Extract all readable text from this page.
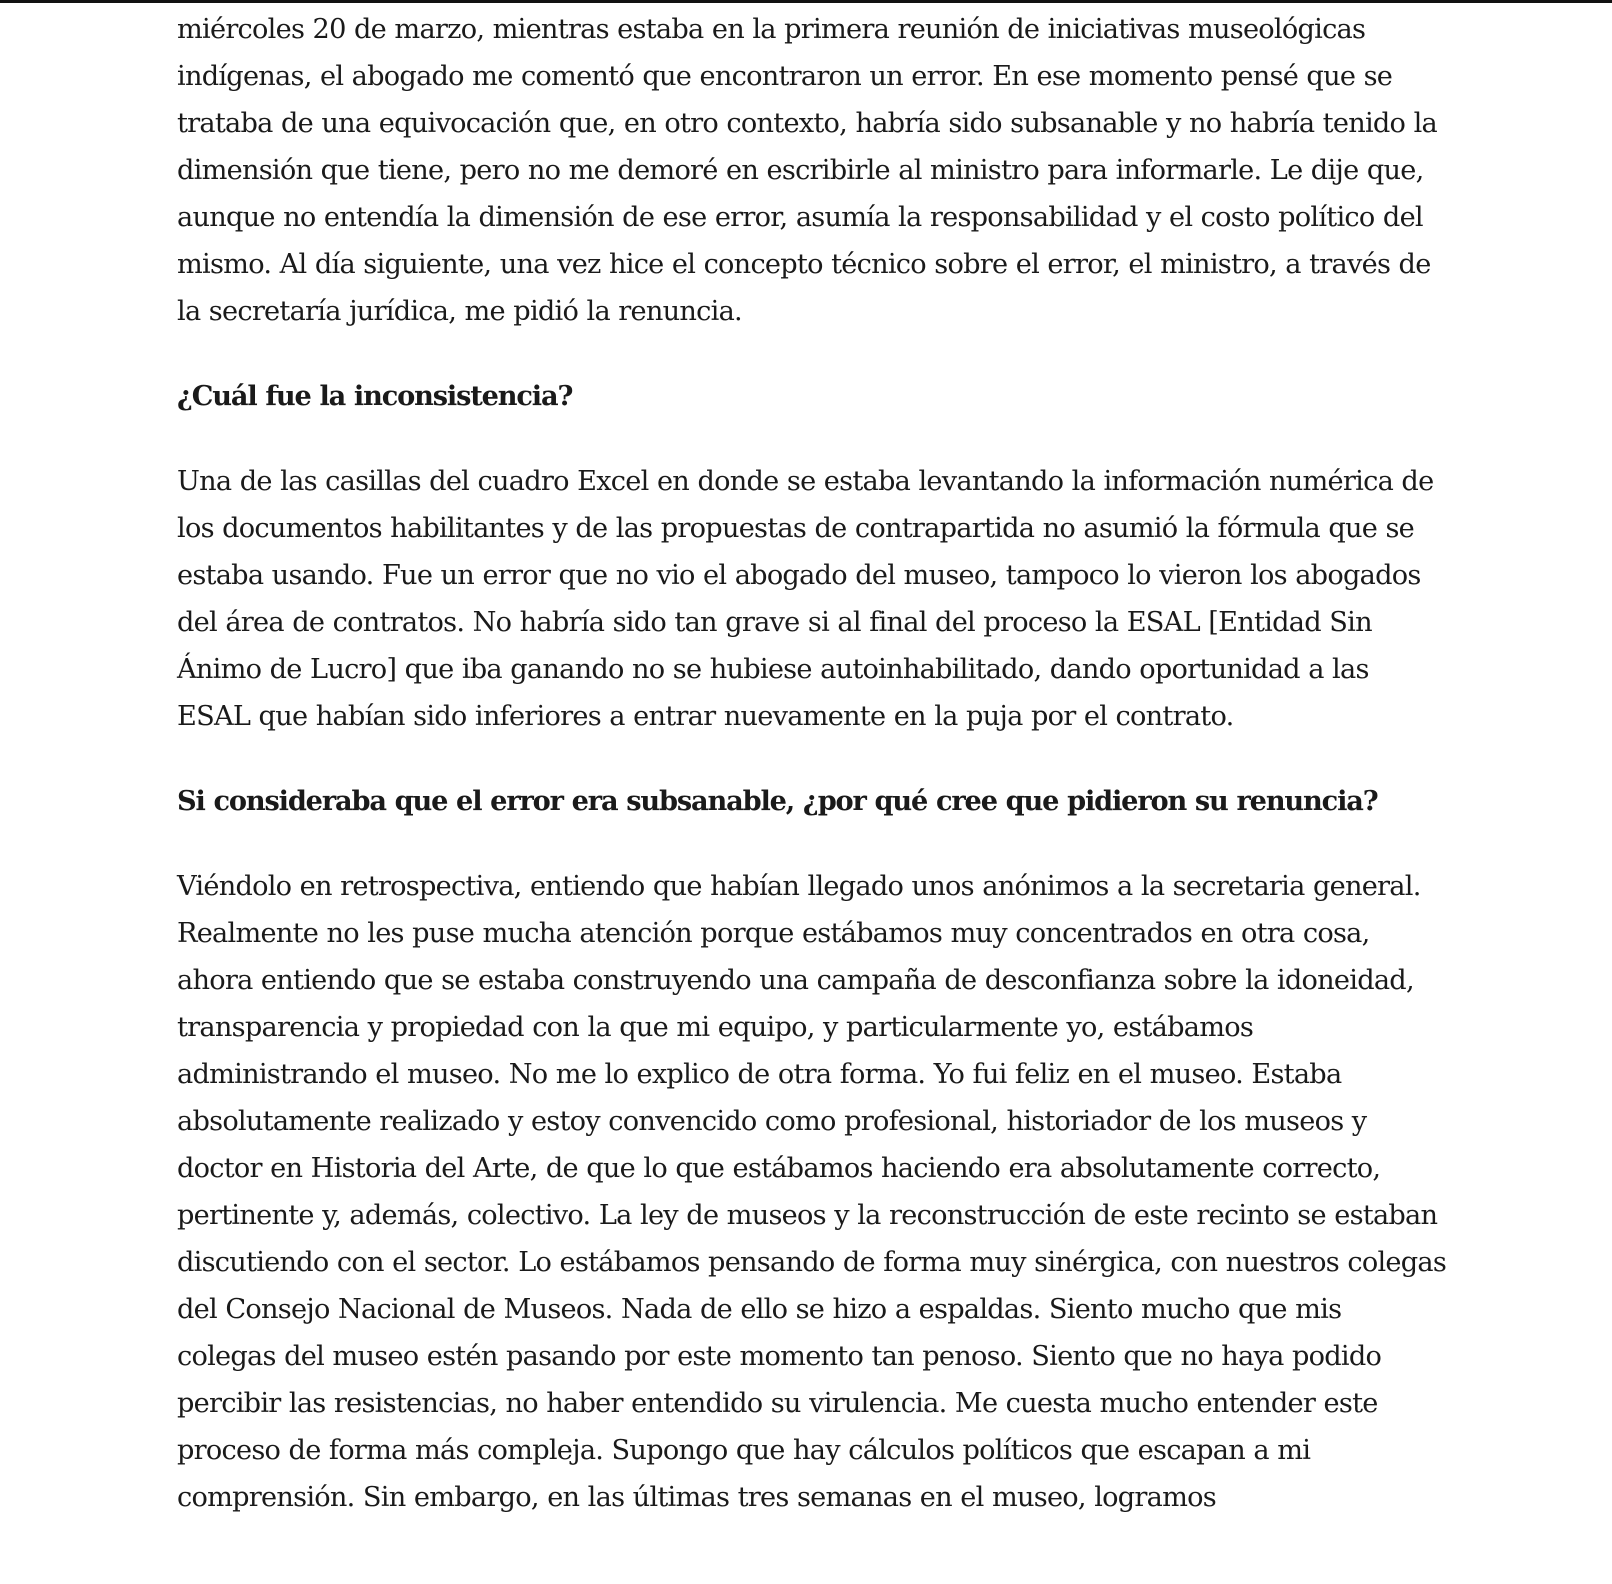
miércoles 20 de marzo, mientras estaba en la primera reunión de iniciativas museológicas indígenas, el abogado me comentó que encontraron un error. En ese momento pensé que se trataba de una equivocación que, en otro contexto, habría sido subsanable y no habría tenido la dimensión que tiene, pero no me demoré en escribirle al ministro para informarle. Le dije que, aunque no entendía la dimensión de ese error, asumía la responsabilidad y el costo político del mismo. Al día siguiente, una vez hice el concepto técnico sobre el error, el ministro, a través de la secretaría jurídica, me pidió la renuncia.

¿Cuál fue la inconsistencia?

Una de las casillas del cuadro Excel en donde se estaba levantando la información numérica de los documentos habilitantes y de las propuestas de contrapartida no asumió la fórmula que se estaba usando. Fue un error que no vio el abogado del museo, tampoco lo vieron los abogados del área de contratos. No habría sido tan grave si al final del proceso la ESAL [Entidad Sin Ánimo de Lucro] que iba ganando no se hubiese autoinhabilitado, dando oportunidad a las ESAL que habían sido inferiores a entrar nuevamente en la puja por el contrato.

Si consideraba que el error era subsanable, ¿por qué cree que pidieron su renuncia?

Viéndolo en retrospectiva, entiendo que habían llegado unos anónimos a la secretaria general. Realmente no les puse mucha atención porque estábamos muy concentrados en otra cosa, ahora entiendo que se estaba construyendo una campaña de desconfianza sobre la idoneidad, transparencia y propiedad con la que mi equipo, y particularmente yo, estábamos administrando el museo. No me lo explico de otra forma. Yo fui feliz en el museo. Estaba absolutamente realizado y estoy convencido como profesional, historiador de los museos y doctor en Historia del Arte, de que lo que estábamos haciendo era absolutamente correcto, pertinente y, además, colectivo. La ley de museos y la reconstrucción de este recinto se estaban discutiendo con el sector. Lo estábamos pensando de forma muy sinérgica, con nuestros colegas del Consejo Nacional de Museos. Nada de ello se hizo a espaldas. Siento mucho que mis colegas del museo estén pasando por este momento tan penoso. Siento que no haya podido percibir las resistencias, no haber entendido su virulencia. Me cuesta mucho entender este proceso de forma más compleja. Supongo que hay cálculos políticos que escapan a mi comprensión. Sin embargo, en las últimas tres semanas en el museo, logramos
